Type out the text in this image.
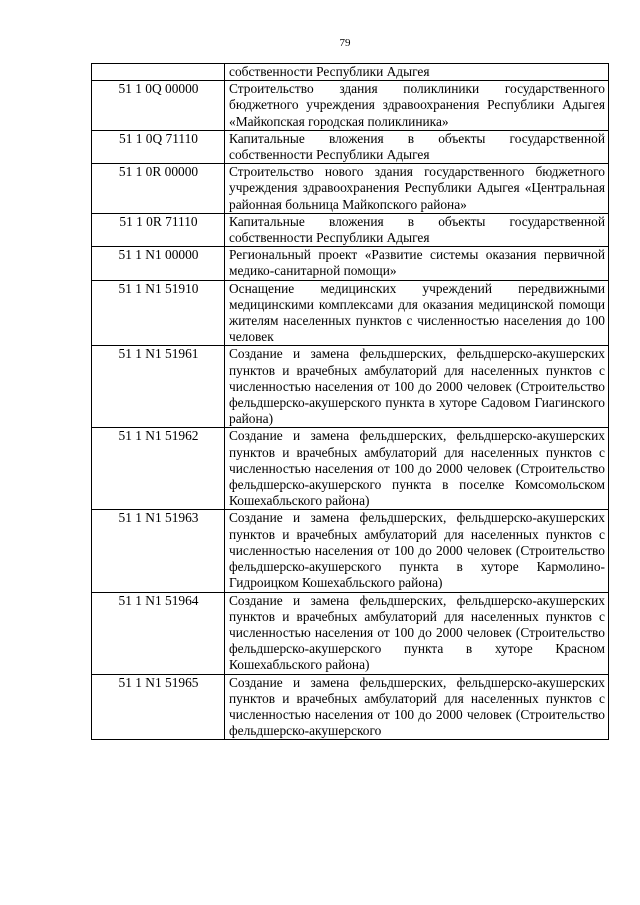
79
	собственности Республики Адыгея
51 1 0Q 00000	Строительство здания поликлиники государственного бюджетного учреждения здравоохранения Республики Адыгея «Майкопская городская поликлиника»
51 1 0Q 71110	Капитальные вложения в объекты государственной собственности Республики Адыгея
51 1 0R 00000	Строительство нового здания государственного бюджетного учреждения здравоохранения Республики Адыгея «Центральная районная больница Майкопского района»
51 1 0R 71110	Капитальные вложения в объекты государственной собственности Республики Адыгея
51 1 N1 00000	Региональный проект «Развитие системы оказания первичной медико-санитарной помощи»
51 1 N1 51910	Оснащение медицинских учреждений передвижными медицинскими комплексами для оказания медицинской помощи жителям населенных пунктов с численностью населения до 100 человек
51 1 N1 51961	Создание и замена фельдшерских, фельдшерско-акушерских пунктов и врачебных амбулаторий для населенных пунктов с численностью населения от 100 до 2000 человек (Строительство фельдшерско-акушерского пункта в хуторе Садовом Гиагинского района)
51 1 N1 51962	Создание и замена фельдшерских, фельдшерско-акушерских пунктов и врачебных амбулаторий для населенных пунктов с численностью населения от 100 до 2000 человек (Строительство фельдшерско-акушерского пункта в поселке Комсомольском Кошехабльского района)
51 1 N1 51963	Создание и замена фельдшерских, фельдшерско-акушерских пунктов и врачебных амбулаторий для населенных пунктов с численностью населения от 100 до 2000 человек (Строительство фельдшерско-акушерского пункта в хуторе Кармолино-Гидроицком Кошехабльского района)
51 1 N1 51964	Создание и замена фельдшерских, фельдшерско-акушерских пунктов и врачебных амбулаторий для населенных пунктов с численностью населения от 100 до 2000 человек (Строительство фельдшерско-акушерского пункта в хуторе Красном Кошехабльского района)
51 1 N1 51965	Создание и замена фельдшерских, фельдшерско-акушерских пунктов и врачебных амбулаторий для населенных пунктов с численностью населения от 100 до 2000 человек (Строительство фельдшерско-акушерского
